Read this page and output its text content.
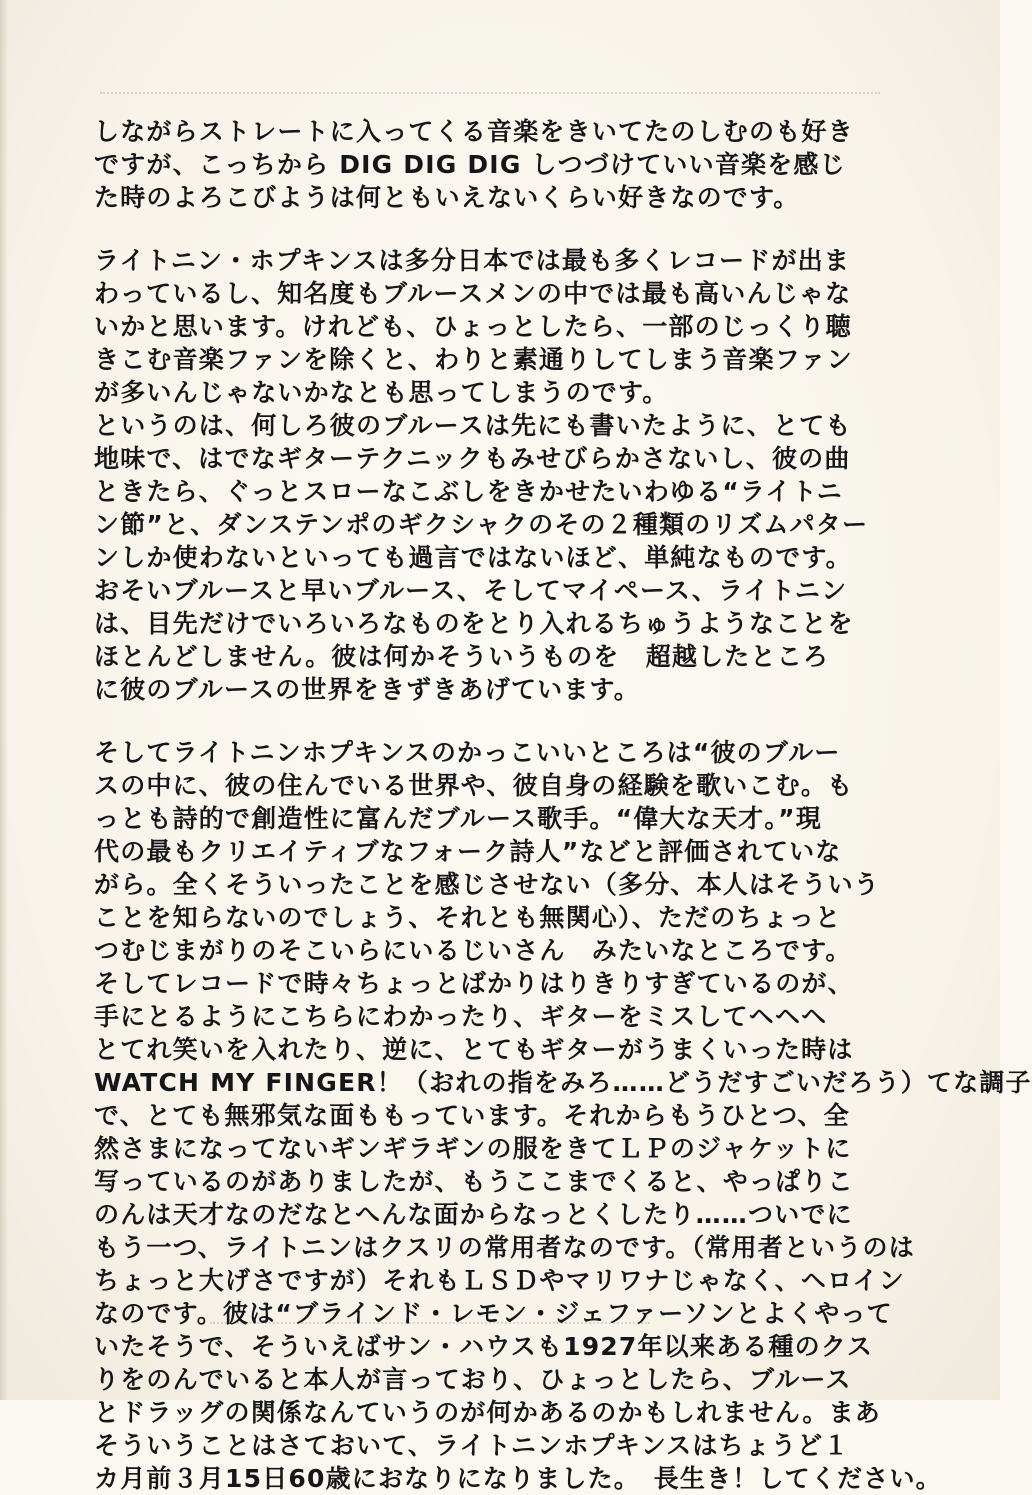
しながらストレートに入ってくる音楽をきいてたのしむのも好き
ですが、こっちから DIG DIG DIG しつづけていい音楽を感じ
た時のよろこびようは何ともいえないくらい好きなのです。
ライトニン・ホプキンスは多分日本では最も多くレコードが出ま
わっているし、知名度もブルースメンの中では最も高いんじゃな
いかと思います。けれども、ひょっとしたら、一部のじっくり聴
きこむ音楽ファンを除くと、わりと素通りしてしまう音楽ファン
が多いんじゃないかなとも思ってしまうのです。
というのは、何しろ彼のブルースは先にも書いたように、とても
地味で、はでなギターテクニックもみせびらかさないし、彼の曲
ときたら、ぐっとスローなこぶしをきかせたいわゆる“ライトニ
ン節”と、ダンステンポのギクシャクのその２種類のリズムパター
ンしか使わないといっても過言ではないほど、単純なものです。
おそいブルースと早いブルース、そしてマイペース、ライトニン
は、目先だけでいろいろなものをとり入れるちゅうようなことを
ほとんどしません。彼は何かそういうものを　超越したところ
に彼のブルースの世界をきずきあげています。
そしてライトニンホプキンスのかっこいいところは“彼のブルー
スの中に、彼の住んでいる世界や、彼自身の経験を歌いこむ。も
っとも詩的で創造性に富んだブルース歌手。“偉大な天才。”現
代の最もクリエイティブなフォーク詩人”などと評価されていな
がら。全くそういったことを感じさせない（多分、本人はそういう
ことを知らないのでしょう、それとも無関心）、ただのちょっと
つむじまがりのそこいらにいるじいさん　みたいなところです。
そしてレコードで時々ちょっとばかりはりきりすぎているのが、
手にとるようにこちらにわかったり、ギターをミスしてヘヘヘ
とてれ笑いを入れたり、逆に、とてもギターがうまくいった時は
WATCH MY FINGER！（おれの指をみろ……どうだすごいだろう）てな調子
で、とても無邪気な面ももっています。それからもうひとつ、全
然さまになってないギンギラギンの服をきてＬＰのジャケットに
写っているのがありましたが、もうここまでくると、やっぱりこ
のんは天才なのだなとへんな面からなっとくしたり……ついでに
もう一つ、ライトニンはクスリの常用者なのです。（常用者というのは
ちょっと大げさですが）それもＬＳＤやマリワナじゃなく、ヘロイン
なのです。彼は“ブラインド・レモン・ジェファーソンとよくやって
いたそうで、そういえばサン・ハウスも1927年以来ある種のクス
りをのんでいると本人が言っており、ひょっとしたら、ブルース
とドラッグの関係なんていうのが何かあるのかもしれません。まあ
そういうことはさておいて、ライトニンホプキンスはちょうど１
カ月前３月15日60歳におなりになりました。　長生き！してください。
